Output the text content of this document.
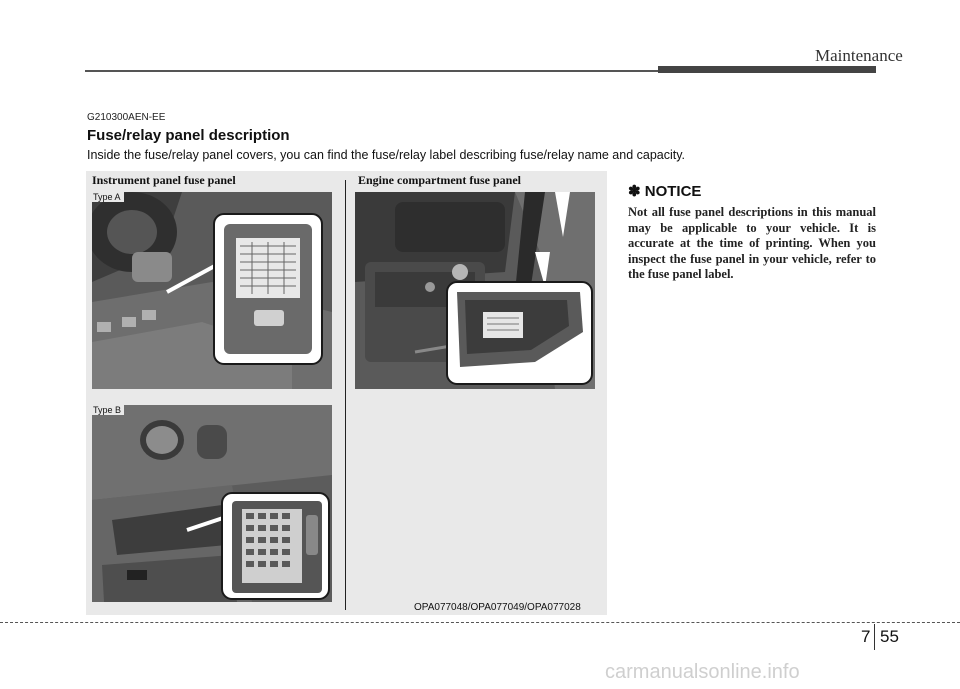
Maintenance
G210300AEN-EE
Fuse/relay panel description
Inside the fuse/relay panel covers, you can find the fuse/relay label describing fuse/relay name and capacity.
Instrument panel fuse panel	Engine compartment fuse panel
Type A
Type B
OPA077048/OPA077049/OPA077028
✽ NOTICE
Not all fuse panel descriptions in this manual may be applicable to your vehicle. It is accurate at the time of printing. When you inspect the fuse panel in your vehicle, refer to the fuse panel label.
7 55
carmanualsonline.info
